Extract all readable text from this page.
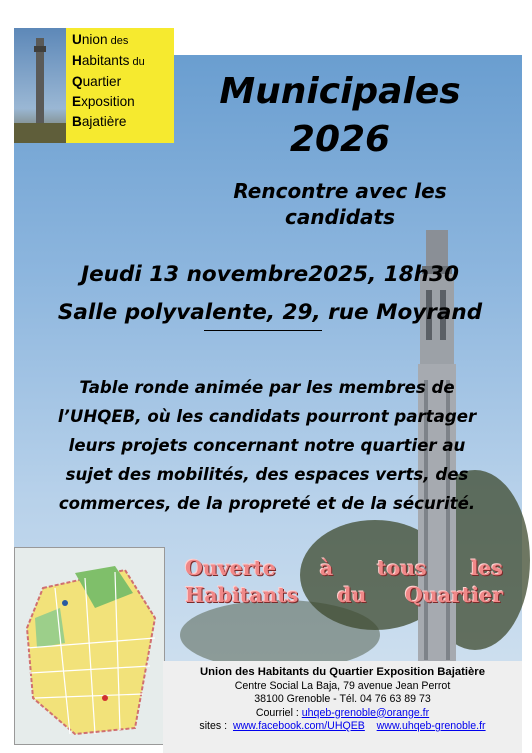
Union des
Habitants du
Quartier
Exposition
Bajatière
Municipales
2026
Rencontre avec les
candidats
Jeudi 13 novembre2025, 18h30
Salle polyvalente, 29, rue Moyrand
Table ronde animée par les membres de
l’UHQEB, où les candidats pourront partager
leurs projets concernant notre quartier au
sujet des mobilités, des espaces verts, des
commerces, de la propreté et de la sécurité.
Ouverte à tous les
Habitants du Quartier
Union des Habitants du Quartier Exposition Bajatière
Centre Social La Baja, 79 avenue Jean Perrot
38100 Grenoble - Tél. 04 76 63 89 73
Courriel : uhqeb-grenoble@orange.fr
sites : www.facebook.com/UHQEB www.uhqeb-grenoble.fr
